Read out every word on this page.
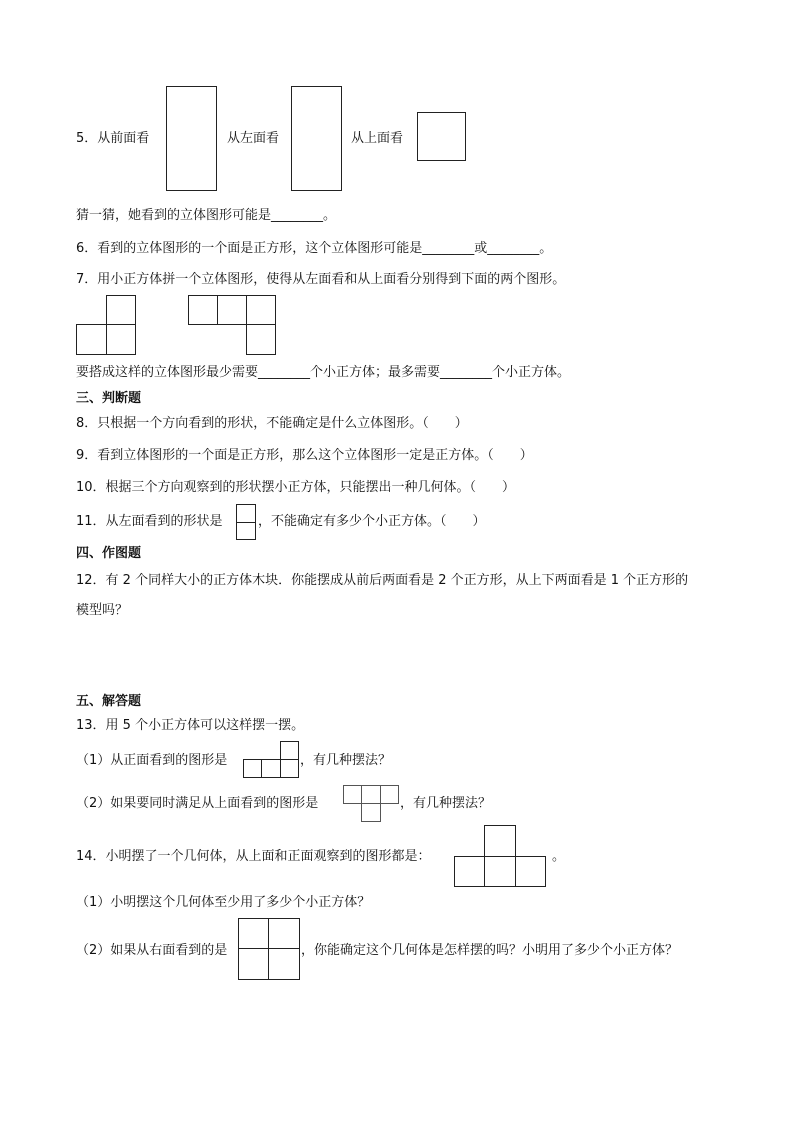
5．从前面看	从左面看	从上面看
猜一猜，她看到的立体图形可能是________。
6．看到的立体图形的一个面是正方形，这个立体图形可能是________或________。
7．用小正方体拼一个立体图形，使得从左面看和从上面看分别得到下面的两个图形。
要搭成这样的立体图形最少需要________个小正方体；最多需要________个小正方体。
三、判断题
8．只根据一个方向看到的形状，不能确定是什么立体图形。（　　）
9．看到立体图形的一个面是正方形，那么这个立体图形一定是正方体。（　　）
10．根据三个方向观察到的形状摆小正方体，只能摆出一种几何体。（　　）
11．从左面看到的形状是	，不能确定有多少个小正方体。（　　）
四、作图题
12．有 2 个同样大小的正方体木块．你能摆成从前后两面看是 2 个正方形，从上下两面看是 1 个正方形的
模型吗？
五、解答题
13．用 5 个小正方体可以这样摆一摆。
（1）从正面看到的图形是	，有几种摆法？
（2）如果要同时满足从上面看到的图形是	，有几种摆法？
14．小明摆了一个几何体，从上面和正面观察到的图形都是：	。
（1）小明摆这个几何体至少用了多少个小正方体？
（2）如果从右面看到的是	，你能确定这个几何体是怎样摆的吗？小明用了多少个小正方体？
